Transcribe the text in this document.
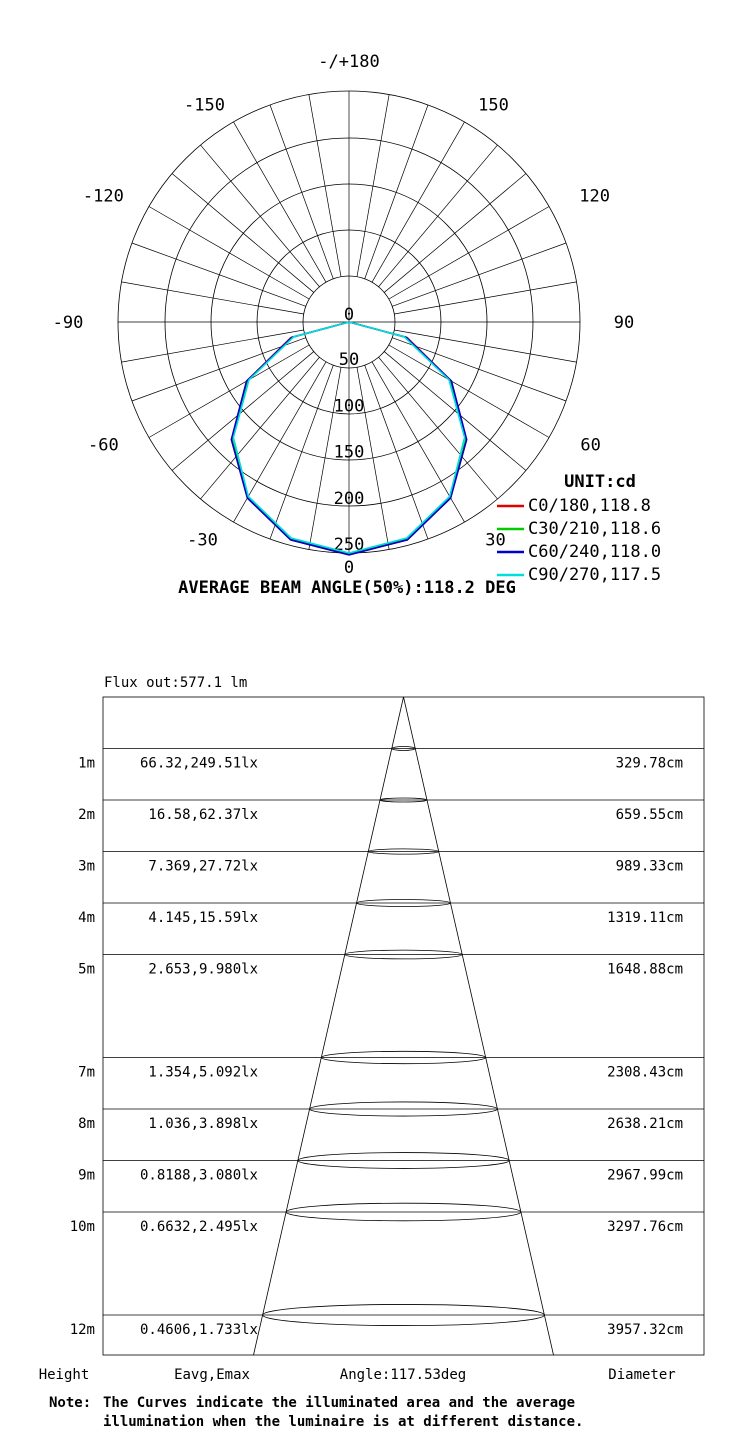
-/+180
-150	150
-120	120
-90	90
-60	60
-30	30
0
0
50
100
150
200
250
UNIT:cd
C0/180,118.8
C30/210,118.6
C60/240,118.0
C90/270,117.5
AVERAGE BEAM ANGLE(50%):118.2 DEG
Flux out:577.1 lm
1m	66.32,249.51lx	329.78cm
2m	16.58,62.37lx	659.55cm
3m	7.369,27.72lx	989.33cm
4m	4.145,15.59lx	1319.11cm
5m	2.653,9.980lx	1648.88cm
7m	1.354,5.092lx	2308.43cm
8m	1.036,3.898lx	2638.21cm
9m	0.8188,3.080lx	2967.99cm
10m	0.6632,2.495lx	3297.76cm
12m	0.4606,1.733lx	3957.32cm
Height	Eavg,Emax	Angle:117.53deg	Diameter
Note: The Curves indicate the illuminated area and the average
illumination when the luminaire is at different distance.
